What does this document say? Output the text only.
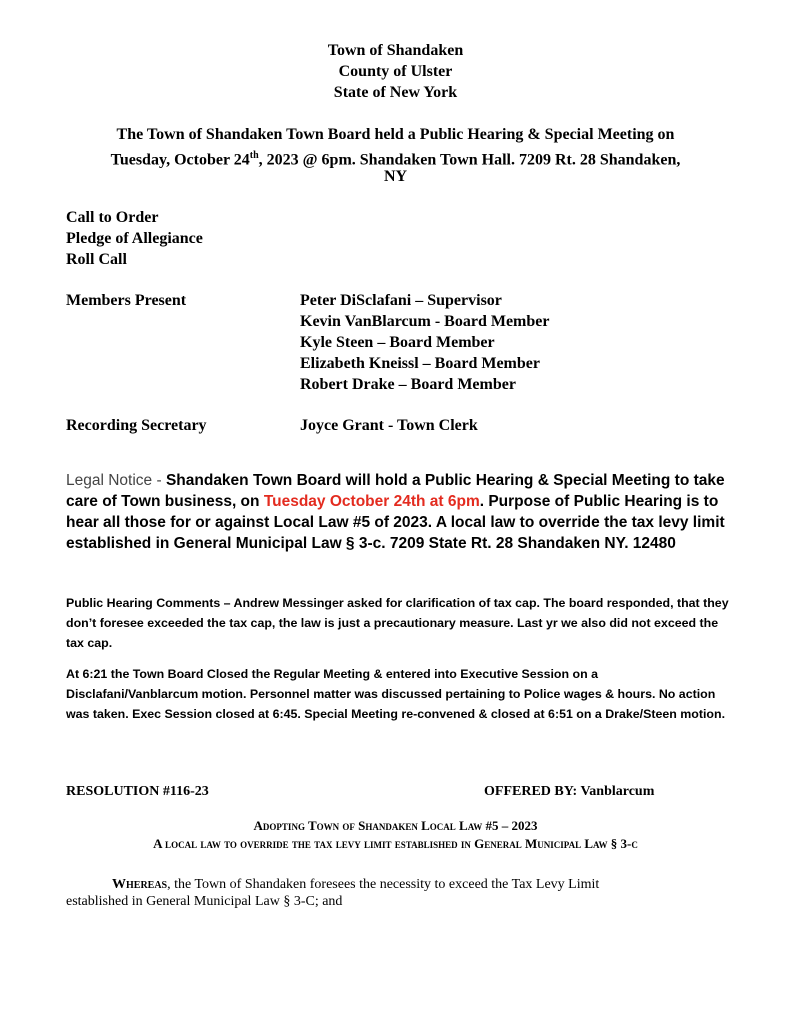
Town of Shandaken
County of Ulster
State of New York
The Town of Shandaken Town Board held a Public Hearing & Special Meeting on
Tuesday, October 24th, 2023 @ 6pm. Shandaken Town Hall. 7209 Rt. 28 Shandaken,
NY
Call to Order
Pledge of Allegiance
Roll Call
Members Present	Peter DiSclafani – Supervisor
Kevin VanBlarcum - Board Member
Kyle Steen – Board Member
Elizabeth Kneissl – Board Member
Robert Drake – Board Member
Recording Secretary	Joyce Grant - Town Clerk
Legal Notice - Shandaken Town Board will hold a Public Hearing & Special Meeting to take care of Town business, on Tuesday October 24th at 6pm. Purpose of Public Hearing is to hear all those for or against Local Law #5 of 2023. A local law to override the tax levy limit established in General Municipal Law § 3-c. 7209 State Rt. 28 Shandaken NY. 12480
Public Hearing Comments – Andrew Messinger asked for clarification of tax cap. The board responded, that they don’t foresee exceeded the tax cap, the law is just a precautionary measure. Last yr we also did not exceed the tax cap.
At 6:21 the Town Board Closed the Regular Meeting & entered into Executive Session on a Disclafani/Vanblarcum motion. Personnel matter was discussed pertaining to Police wages & hours. No action was taken. Exec Session closed at 6:45. Special Meeting re-convened & closed at 6:51 on a Drake/Steen motion.
RESOLUTION #116-23	OFFERED BY: Vanblarcum
Adopting Town of Shandaken Local Law #5 – 2023
A local law to override the tax levy limit established in General Municipal Law § 3-c
Whereas, the Town of Shandaken foresees the necessity to exceed the Tax Levy Limit
established in General Municipal Law § 3-C; and
